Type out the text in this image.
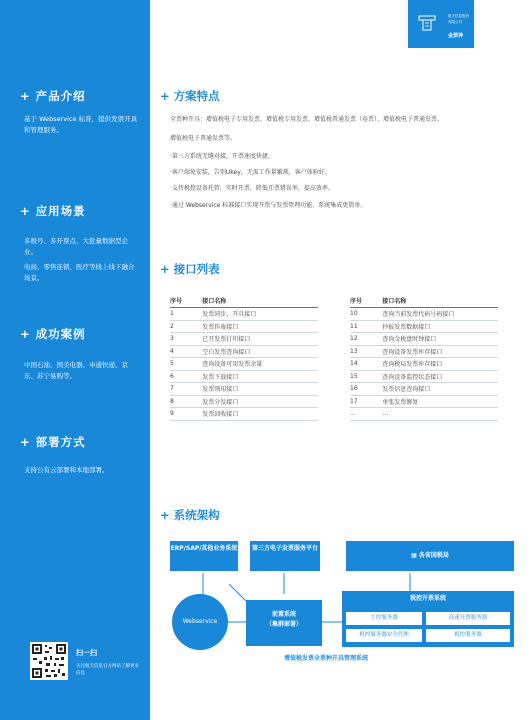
+ 产品介绍
基于 Webservice 标准，提供发票开具和管理服务。
+ 应用场景
多税号、多开票点、大批量数据型企业。
电商、零售连锁、医疗等线上线下融合场景。
+ 成功案例
中国石油、国美电器、申通快递、京东、苏宁易购等。
+ 部署方式
支持公有云部署和本地部署。
扫一扫
关注航天信息官方网站了解更多信息
航天信息股份
有限公司
金票神
+ 方案特点
全票种开具：增值税电子专用发票、增值税专用发票、增值税普通发票（卷票）、增值税电子普通发票、
增值税电子普通发票等。
·第三方系统无缝对接，开票速度快捷。
·客户端免安装，告别Ukey，无需工作量繁琐，客户体验好。
·支持税控设备托管，实时开票，降低开票错误率，提高效率。
·通过 Webservice 标准接口实现开票与发票管理功能，系统集成更简单。
+ 接口列表
序号	接口名称
1	发票同步、开具接口
2	发票作废接口
3	已开发票打印接口
4	空白发票查询接口
5	查询设备可用发票余量
6	发票下载接口
7	发票领用接口
8	发票分发接口
9	发票回收接口
序号	接口名称
10	查询当前发票代码号码接口
11	抄报发票数据接口
12	查询金税盘时钟接口
13	查询设备发票库存接口
14	查询税局发票库存接口
15	查询设备监控状态接口
16	发票信息查询接口
17	单张发票修复
…	…
+ 系统架构
ERP/SAP/其他业务系统	第三方电子发票服务平台
▦ 各省国税局
Webservice
前置系统
（集群部署）
税控开票系统
主控服务器	高速开票服务器
税控服务器安全代理	税控服务器
增值税发票全票种开具管理系统
